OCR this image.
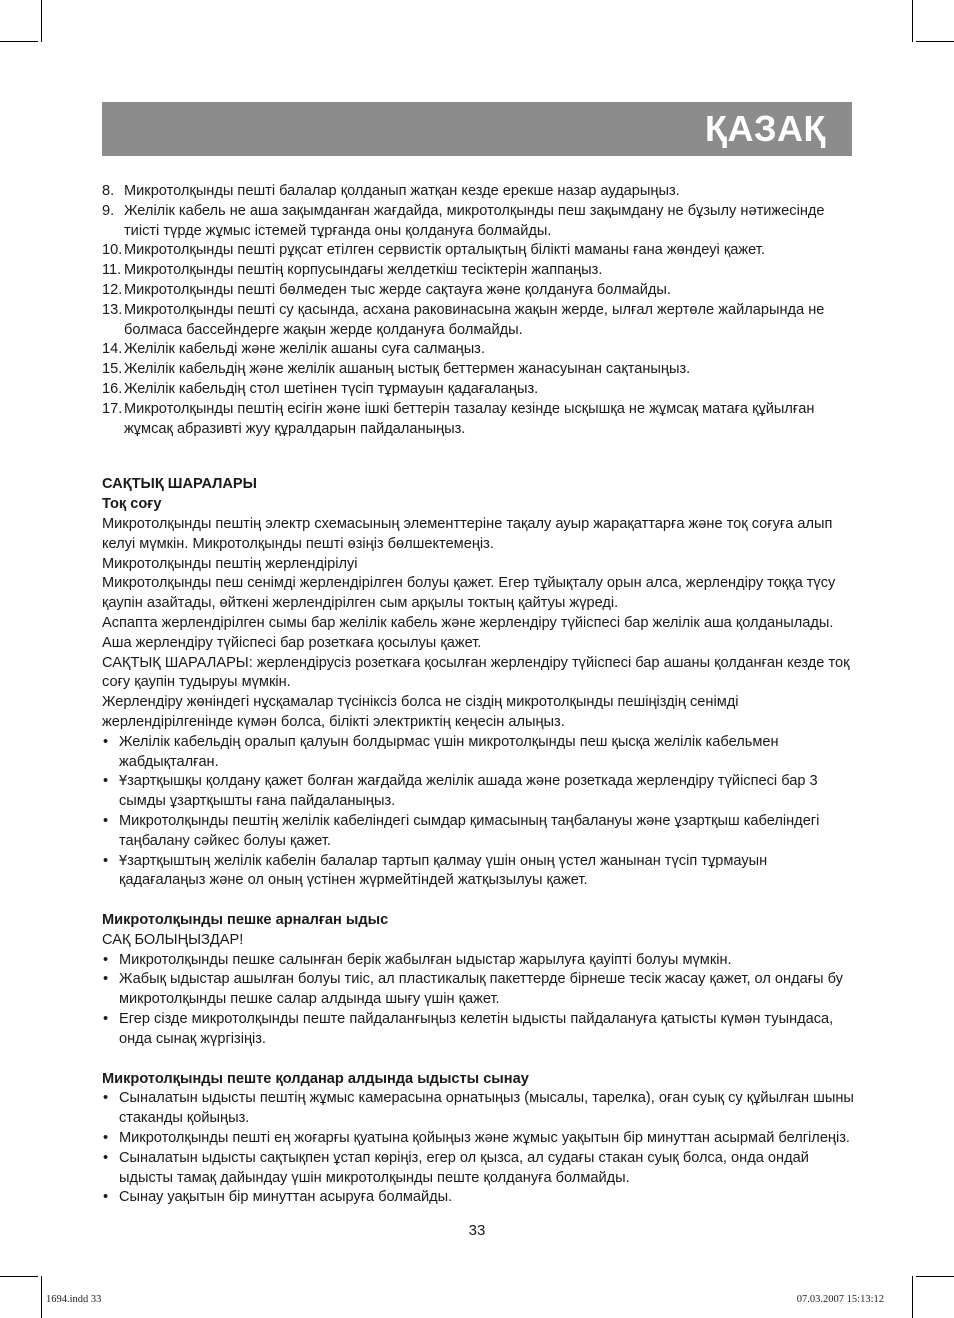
ҚАЗАҚ
8. Микротолқынды пешті балалар қолданып жатқан кезде ерекше назар аударыңыз.
9. Желілік кабель не аша зақымданған жағдайда, микротолқынды пеш зақымдану не бұзылу нәтижесінде тиісті түрде жұмыс істемей тұрғанда оны қолдануға болмайды.
10. Микротолқынды пешті рұқсат етілген сервистік орталықтың білікті маманы ғана жөндеуі қажет.
11. Микротолқынды пештің корпусындағы желдеткіш тесіктерін жаппаңыз.
12. Микротолқынды пешті бөлмеден тыс жерде сақтауға және қолдануға болмайды.
13. Микротолқынды пешті су қасында, асхана раковинасына жақын жерде, ылғал жертөле жайларында не болмаса бассейндерге жақын жерде қолдануға болмайды.
14. Желілік кабельді және желілік ашаны суға салмаңыз.
15. Желілік кабельдің және желілік ашаның ыстық беттермен жанасуынан сақтаныңыз.
16. Желілік кабельдің стол шетінен түсіп тұрмауын қадағалаңыз.
17. Микротолқынды пештің есігін және ішкі беттерін тазалау кезінде ысқышқа не жұмсақ матаға құйылған жұмсақ абразивті жуу құралдарын пайдаланыңыз.
САҚТЫҚ ШАРАЛАРЫ
Тоқ соғу
Микротолқынды пештің электр схемасының элементтеріне тақалу ауыр жарақаттарға және тоқ соғуға алып келуі мүмкін. Микротолқынды пешті өзіңіз бөлшектемеңіз.
Микротолқынды пештің жерлендірілуі
Микротолқынды пеш сенімді жерлендірілген болуы қажет. Егер тұйықталу орын алса, жерлендіру тоққа түсу қаупін азайтады, өйткені жерлендірілген сым арқылы токтың қайтуы жүреді.
Аспапта жерлендірілген сымы бар желілік кабель және жерлендіру түйіспесі бар желілік аша қолданылады. Аша жерлендіру түйіспесі бар розеткаға қосылуы қажет.
САҚТЫҚ ШАРАЛАРЫ: жерлендірусіз розеткаға қосылған жерлендіру түйіспесі бар ашаны қолданған кезде тоқ соғу қаупін тудыруы мүмкін.
Жерлендіру жөніндегі нұсқамалар түсініксіз болса не сіздің микротолқынды пешіңіздің сенімді жерлендірілгенінде күмән болса, білікті электриктің кеңесін алыңыз.
• Желілік кабельдің оралып қалуын болдырмас үшін микротолқынды пеш қысқа желілік кабельмен жабдықталған.
• Ұзартқышқы қолдану қажет болған жағдайда желілік ашада және розеткада жерлендіру түйіспесі бар 3 сымды ұзартқышты ғана пайдаланыңыз.
• Микротолқынды пештің желілік кабеліндегі сымдар қимасының таңбалануы және ұзартқыш кабеліндегі таңбалану сәйкес болуы қажет.
• Ұзартқыштың желілік кабелін балалар тартып қалмау үшін оның үстел жанынан түсіп тұрмауын қадағалаңыз және ол оның үстінен жүрмейтіндей жатқызылуы қажет.
Микротолқынды пешке арналған ыдыс
САҚ БОЛЫҢЫЗДАР!
• Микротолқынды пешке салынған берік жабылған ыдыстар жарылуға қауіпті болуы мүмкін.
• Жабық ыдыстар ашылған болуы тиіс, ал пластикалық пакеттерде бірнеше тесік жасау қажет, ол ондағы бу микротолқынды пешке салар алдында шығу үшін қажет.
• Егер сізде микротолқынды пеште пайдаланғыңыз келетін ыдысты пайдалануға қатысты күмән туындаса, онда сынақ жүргізіңіз.
Микротолқынды пеште қолданар алдында ыдысты сынау
• Сыналатын ыдысты пештің жұмыс камерасына орнатыңыз (мысалы, тарелка), оған суық су құйылған шыны стаканды қойыңыз.
• Микротолқынды пешті ең жоғарғы қуатына қойыңыз және жұмыс уақытын бір минуттан асырмай белгілеңіз.
• Сыналатын ыдысты сақтықпен ұстап көріңіз, егер ол қызса, ал судағы стакан суық болса, онда ондай ыдысты тамақ дайындау үшін микротолқынды пеште қолдануға болмайды.
• Сынау уақытын бір минуттан асыруға болмайды.
33
1694.indd 33	07.03.2007 15:13:12
